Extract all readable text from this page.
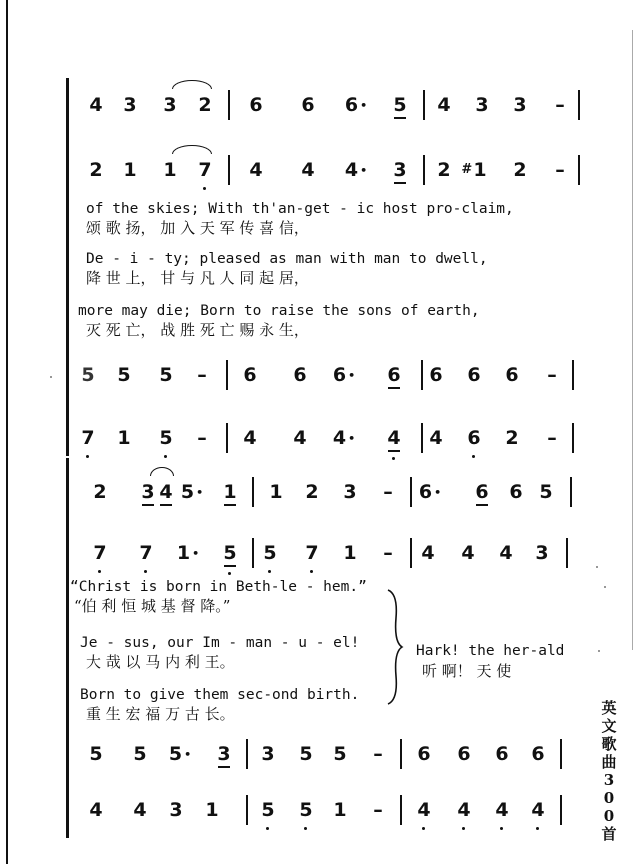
4	3	3	2	6	6	6 •	5	4	3	3	–
2	1	1	7	4	4	4 •	3	2 #1	2	–
5	5	5	–	6	6	6 •	6	6	6	6	–
7	1	5	–	4	4	4 •	4	4	6	2	–
2	3 4 5 •	1	1	2	3	–	6 •	6	6 5
7	7	1 •	5	5	7	1	–	4	4	4	3
5	5	5 •	3	3	5	5	–	6	6	6	6
4	4	3	1	5	5	1	–	4	4	4	4
of the skies; With th'an-get - ic host pro-claim,
颂 歌 扬， 加 入 天 军 传 喜 信，
De - i - ty; pleased as man with man to dwell,
降 世 上， 甘 与 凡 人 同 起 居，
more may die; Born to raise the sons of earth,
灭 死 亡， 战 胜 死 亡 赐 永 生，
“Christ is born in Beth-le - hem.”
“伯 利 恒 城 基 督 降。”
Je - sus, our Im - man - u - el!
大 哉 以 马 内 利 王。
Born to give them sec-ond birth.
重 生 宏 福 万 古 长。
Hark! the her-ald
听 啊！ 天 使
英
文
歌
曲
3
0
0
首
